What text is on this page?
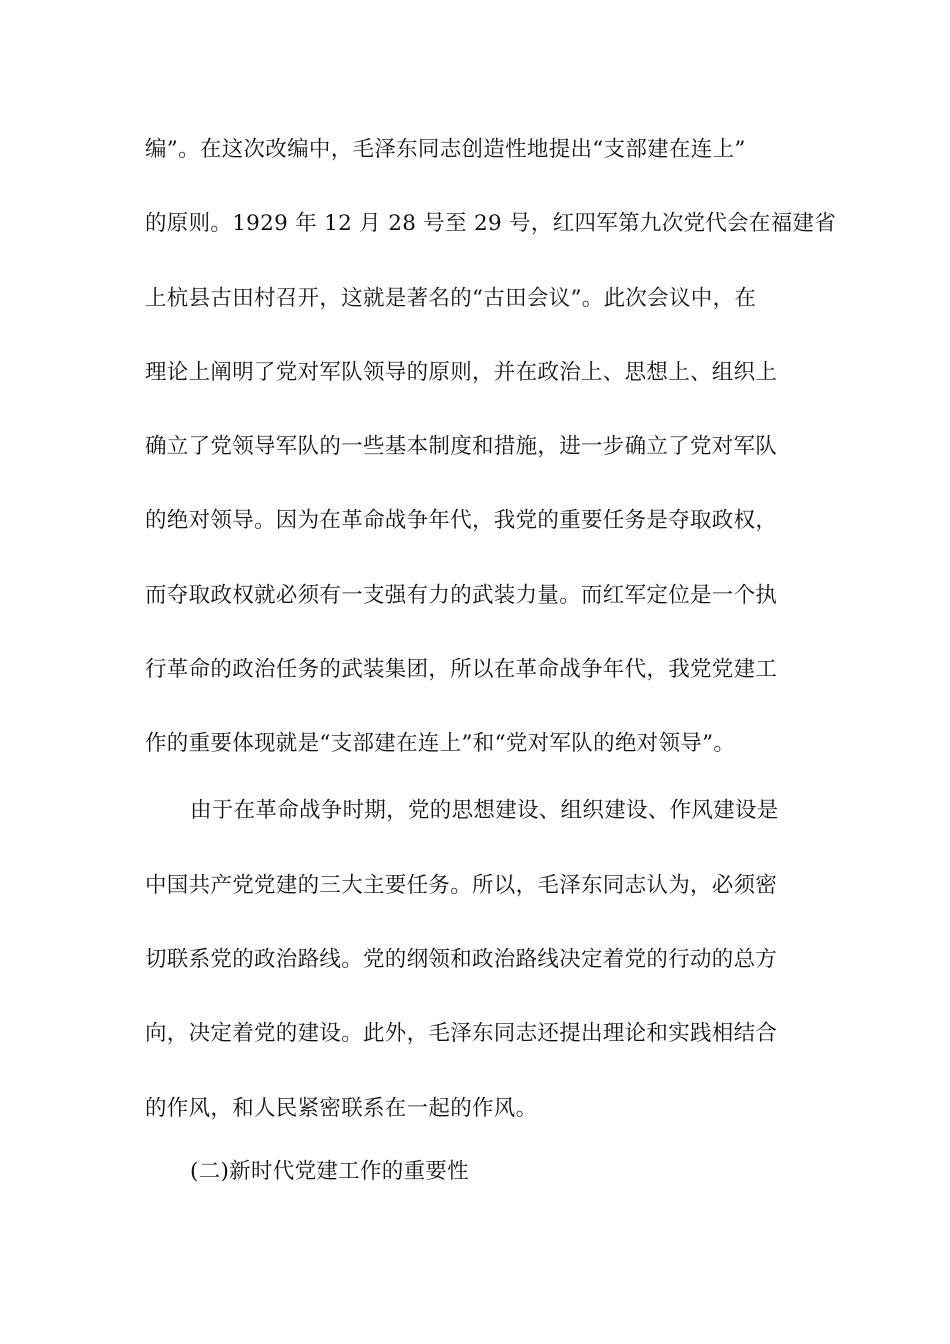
编”。在这次改编中，毛泽东同志创造性地提出“支部建在连上”
的原则。1929 年 12 月 28 号至 29 号，红四军第九次党代会在福建省
上杭县古田村召开，这就是著名的“古田会议”。此次会议中，在
理论上阐明了党对军队领导的原则，并在政治上、思想上、组织上
确立了党领导军队的一些基本制度和措施，进一步确立了党对军队
的绝对领导。因为在革命战争年代，我党的重要任务是夺取政权，
而夺取政权就必须有一支强有力的武装力量。而红军定位是一个执
行革命的政治任务的武装集团，所以在革命战争年代，我党党建工
作的重要体现就是“支部建在连上”和“党对军队的绝对领导”。
由于在革命战争时期，党的思想建设、组织建设、作风建设是
中国共产党党建的三大主要任务。所以，毛泽东同志认为，必须密
切联系党的政治路线。党的纲领和政治路线决定着党的行动的总方
向，决定着党的建设。此外，毛泽东同志还提出理论和实践相结合
的作风，和人民紧密联系在一起的作风。
(二)新时代党建工作的重要性
